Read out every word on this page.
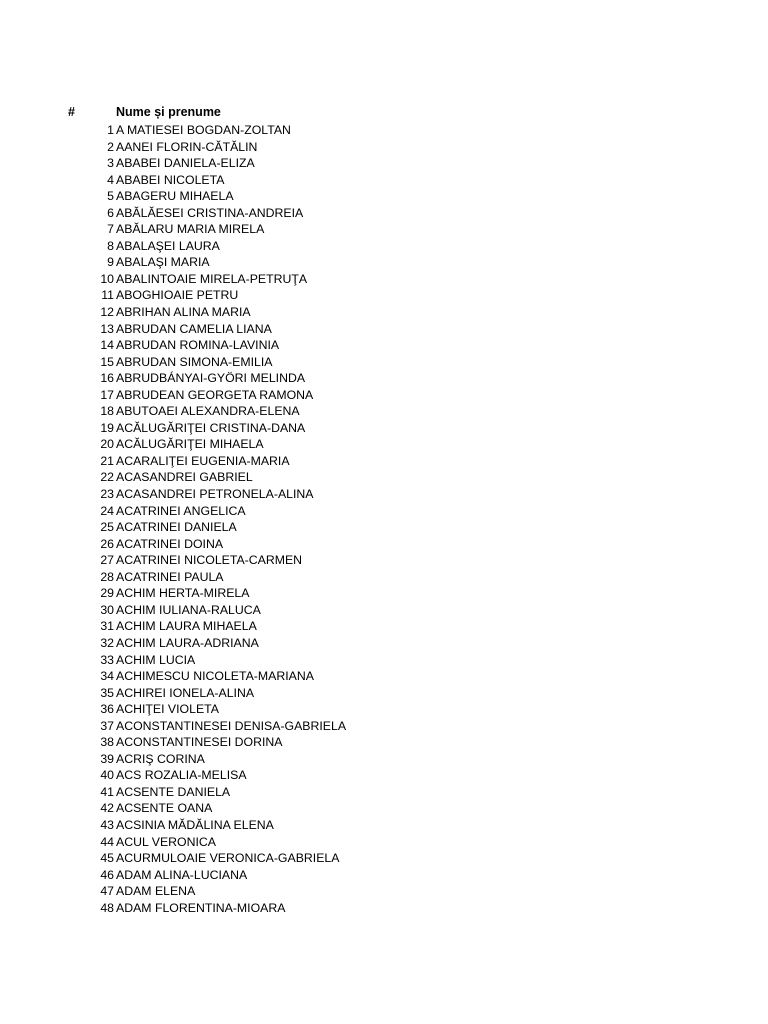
#	Nume și prenume
1 A MATIESEI BOGDAN-ZOLTAN
2 AANEI FLORIN-CĂTĂLIN
3 ABABEI DANIELA-ELIZA
4 ABABEI NICOLETA
5 ABAGERU MIHAELA
6 ABĂLĂESEI CRISTINA-ANDREIA
7 ABĂLARU MARIA MIRELA
8 ABALAŞEI LAURA
9 ABALAŞI MARIA
10 ABALINTOAIE MIRELA-PETRUŢA
11 ABOGHIOAIE PETRU
12 ABRIHAN ALINA MARIA
13 ABRUDAN CAMELIA LIANA
14 ABRUDAN ROMINA-LAVINIA
15 ABRUDAN SIMONA-EMILIA
16 ABRUDBÁNYAI-GYÖRI MELINDA
17 ABRUDEAN GEORGETA RAMONA
18 ABUTOAEI ALEXANDRA-ELENA
19 ACĂLUGĂRIŢEI CRISTINA-DANA
20 ACĂLUGĂRIŢEI MIHAELA
21 ACARALIŢEI EUGENIA-MARIA
22 ACASANDREI GABRIEL
23 ACASANDREI PETRONELA-ALINA
24 ACATRINEI ANGELICA
25 ACATRINEI DANIELA
26 ACATRINEI DOINA
27 ACATRINEI NICOLETA-CARMEN
28 ACATRINEI PAULA
29 ACHIM HERTA-MIRELA
30 ACHIM IULIANA-RALUCA
31 ACHIM LAURA MIHAELA
32 ACHIM LAURA-ADRIANA
33 ACHIM LUCIA
34 ACHIMESCU NICOLETA-MARIANA
35 ACHIREI IONELA-ALINA
36 ACHIŢEI VIOLETA
37 ACONSTANTINESEI DENISA-GABRIELA
38 ACONSTANTINESEI DORINA
39 ACRIŞ CORINA
40 ACS ROZALIA-MELISA
41 ACSENTE DANIELA
42 ACSENTE OANA
43 ACSINIA MĂDĂLINA ELENA
44 ACUL VERONICA
45 ACURMULOAIE VERONICA-GABRIELA
46 ADAM ALINA-LUCIANA
47 ADAM ELENA
48 ADAM FLORENTINA-MIOARA
